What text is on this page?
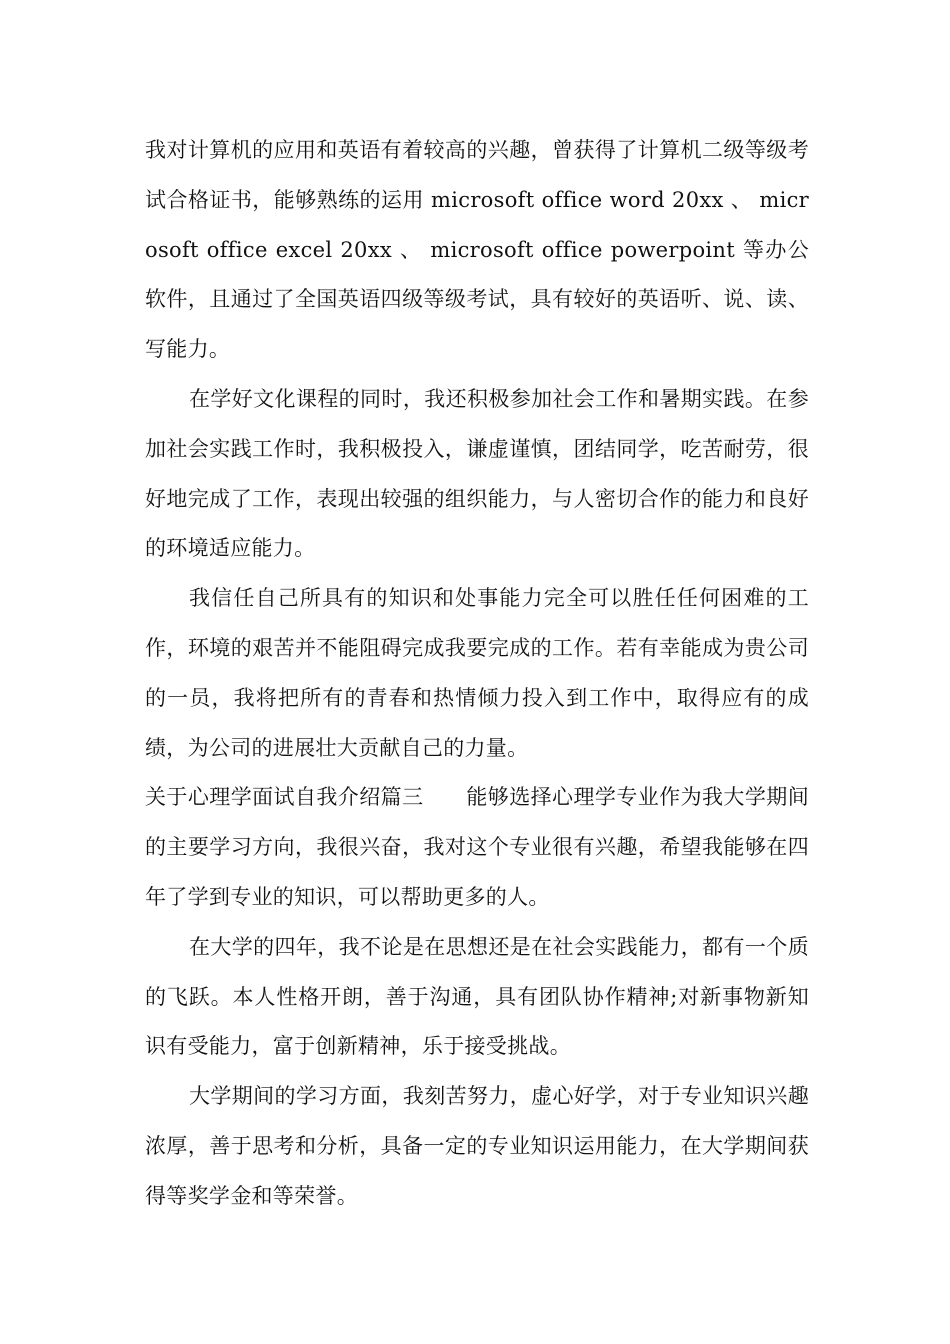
我对计算机的应用和英语有着较高的兴趣，曾获得了计算机二级等级考试合格证书，能够熟练的运用 microsoft office word 20xx 、 microsoft office excel 20xx 、 microsoft office powerpoint 等办公软件，且通过了全国英语四级等级考试，具有较好的英语听、说、读、写能力。

在学好文化课程的同时，我还积极参加社会工作和暑期实践。在参加社会实践工作时，我积极投入，谦虚谨慎，团结同学，吃苦耐劳，很好地完成了工作，表现出较强的组织能力，与人密切合作的能力和良好的环境适应能力。

我信任自己所具有的知识和处事能力完全可以胜任任何困难的工作，环境的艰苦并不能阻碍完成我要完成的工作。若有幸能成为贵公司的一员，我将把所有的青春和热情倾力投入到工作中，取得应有的成绩，为公司的进展壮大贡献自己的力量。

关于心理学面试自我介绍篇三　　能够选择心理学专业作为我大学期间的主要学习方向，我很兴奋，我对这个专业很有兴趣，希望我能够在四年了学到专业的知识，可以帮助更多的人。

在大学的四年，我不论是在思想还是在社会实践能力，都有一个质的飞跃。本人性格开朗，善于沟通，具有团队协作精神;对新事物新知识有受能力，富于创新精神，乐于接受挑战。

大学期间的学习方面，我刻苦努力，虚心好学，对于专业知识兴趣浓厚，善于思考和分析，具备一定的专业知识运用能力，在大学期间获得等奖学金和等荣誉。
